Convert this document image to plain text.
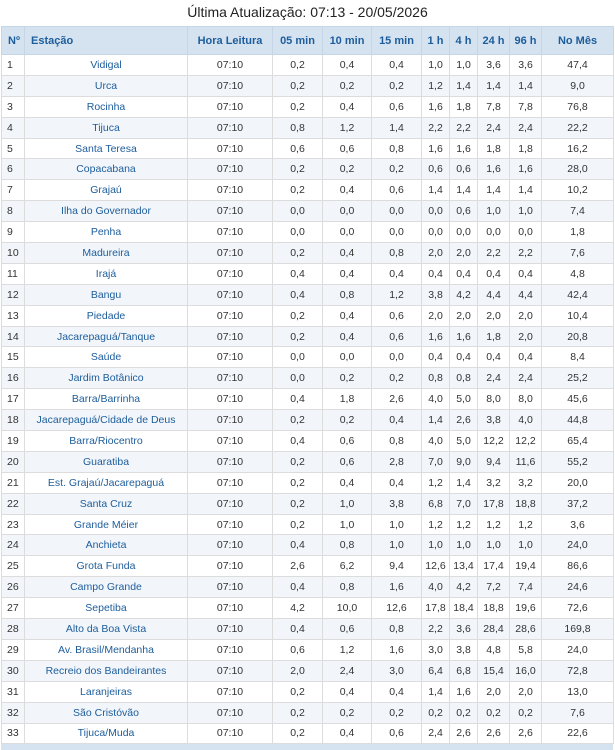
Última Atualização: 07:13 - 20/05/2026
Nº	Estação	Hora Leitura	05 min	10 min	15 min	1 h	4 h	24 h	96 h	No Mês
1	Vidigal	07:10	0,2	0,4	0,4	1,0	1,0	3,6	3,6	47,4
2	Urca	07:10	0,2	0,2	0,2	1,2	1,4	1,4	1,4	9,0
3	Rocinha	07:10	0,2	0,4	0,6	1,6	1,8	7,8	7,8	76,8
4	Tijuca	07:10	0,8	1,2	1,4	2,2	2,2	2,4	2,4	22,2
5	Santa Teresa	07:10	0,6	0,6	0,8	1,6	1,6	1,8	1,8	16,2
6	Copacabana	07:10	0,2	0,2	0,2	0,6	0,6	1,6	1,6	28,0
7	Grajaú	07:10	0,2	0,4	0,6	1,4	1,4	1,4	1,4	10,2
8	Ilha do Governador	07:10	0,0	0,0	0,0	0,0	0,6	1,0	1,0	7,4
9	Penha	07:10	0,0	0,0	0,0	0,0	0,0	0,0	0,0	1,8
10	Madureira	07:10	0,2	0,4	0,8	2,0	2,0	2,2	2,2	7,6
11	Irajá	07:10	0,4	0,4	0,4	0,4	0,4	0,4	0,4	4,8
12	Bangu	07:10	0,4	0,8	1,2	3,8	4,2	4,4	4,4	42,4
13	Piedade	07:10	0,2	0,4	0,6	2,0	2,0	2,0	2,0	10,4
14	Jacarepaguá/Tanque	07:10	0,2	0,4	0,6	1,6	1,6	1,8	2,0	20,8
15	Saúde	07:10	0,0	0,0	0,0	0,4	0,4	0,4	0,4	8,4
16	Jardim Botânico	07:10	0,0	0,2	0,2	0,8	0,8	2,4	2,4	25,2
17	Barra/Barrinha	07:10	0,4	1,8	2,6	4,0	5,0	8,0	8,0	45,6
18	Jacarepaguá/Cidade de Deus	07:10	0,2	0,2	0,4	1,4	2,6	3,8	4,0	44,8
19	Barra/Riocentro	07:10	0,4	0,6	0,8	4,0	5,0	12,2	12,2	65,4
20	Guaratiba	07:10	0,2	0,6	2,8	7,0	9,0	9,4	11,6	55,2
21	Est. Grajaú/Jacarepaguá	07:10	0,2	0,4	0,4	1,2	1,4	3,2	3,2	20,0
22	Santa Cruz	07:10	0,2	1,0	3,8	6,8	7,0	17,8	18,8	37,2
23	Grande Méier	07:10	0,2	1,0	1,0	1,2	1,2	1,2	1,2	3,6
24	Anchieta	07:10	0,4	0,8	1,0	1,0	1,0	1,0	1,0	24,0
25	Grota Funda	07:10	2,6	6,2	9,4	12,6	13,4	17,4	19,4	86,6
26	Campo Grande	07:10	0,4	0,8	1,6	4,0	4,2	7,2	7,4	24,6
27	Sepetiba	07:10	4,2	10,0	12,6	17,8	18,4	18,8	19,6	72,6
28	Alto da Boa Vista	07:10	0,4	0,6	0,8	2,2	3,6	28,4	28,6	169,8
29	Av. Brasil/Mendanha	07:10	0,6	1,2	1,6	3,0	3,8	4,8	5,8	24,0
30	Recreio dos Bandeirantes	07:10	2,0	2,4	3,0	6,4	6,8	15,4	16,0	72,8
31	Laranjeiras	07:10	0,2	0,4	0,4	1,4	1,6	2,0	2,0	13,0
32	São Cristóvão	07:10	0,2	0,2	0,2	0,2	0,2	0,2	0,2	7,6
33	Tijuca/Muda	07:10	0,2	0,4	0,6	2,4	2,6	2,6	2,6	22,6
